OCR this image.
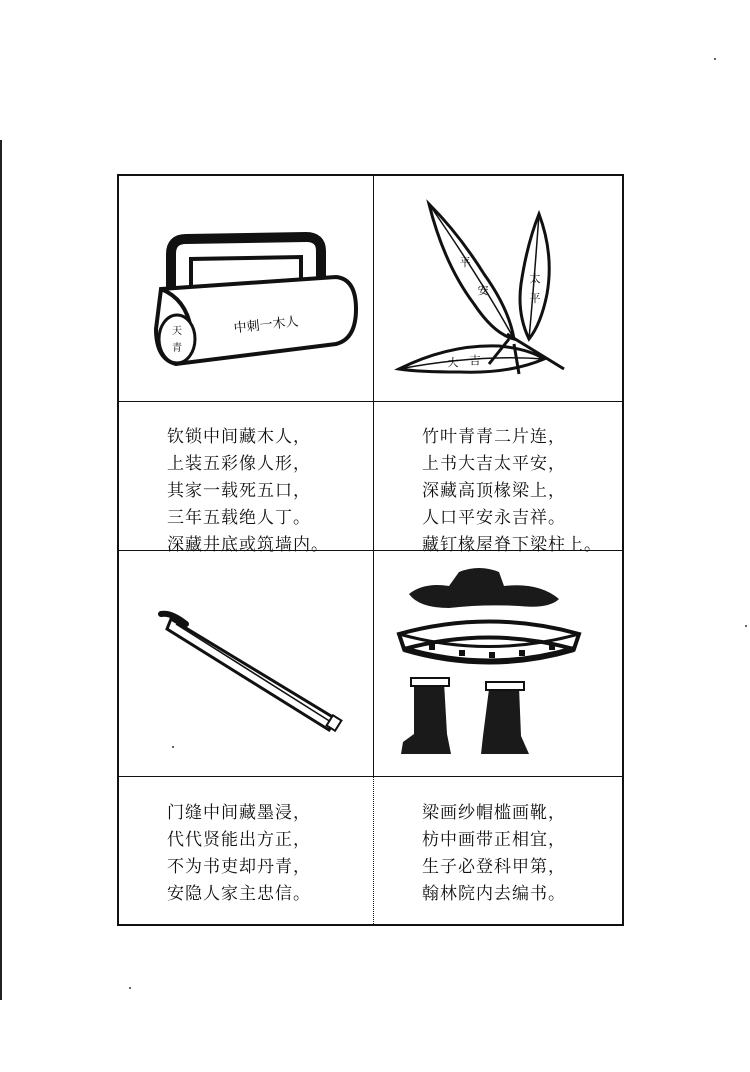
天
青
中刺一木人
平
安
太
平
大 吉
钦锁中间藏木人，
上装五彩像人形，
其家一载死五口，
三年五载绝人丁。
深藏井底或筑墙内。
竹叶青青二片连，
上书大吉太平安，
深藏高顶椽梁上，
人口平安永吉祥。
藏钉椽屋脊下梁柱上。
门缝中间藏墨浸，
代代贤能出方正，
不为书吏却丹青，
安隐人家主忠信。
梁画纱帽槛画靴，
枋中画带正相宜，
生子必登科甲第，
翰林院内去编书。
